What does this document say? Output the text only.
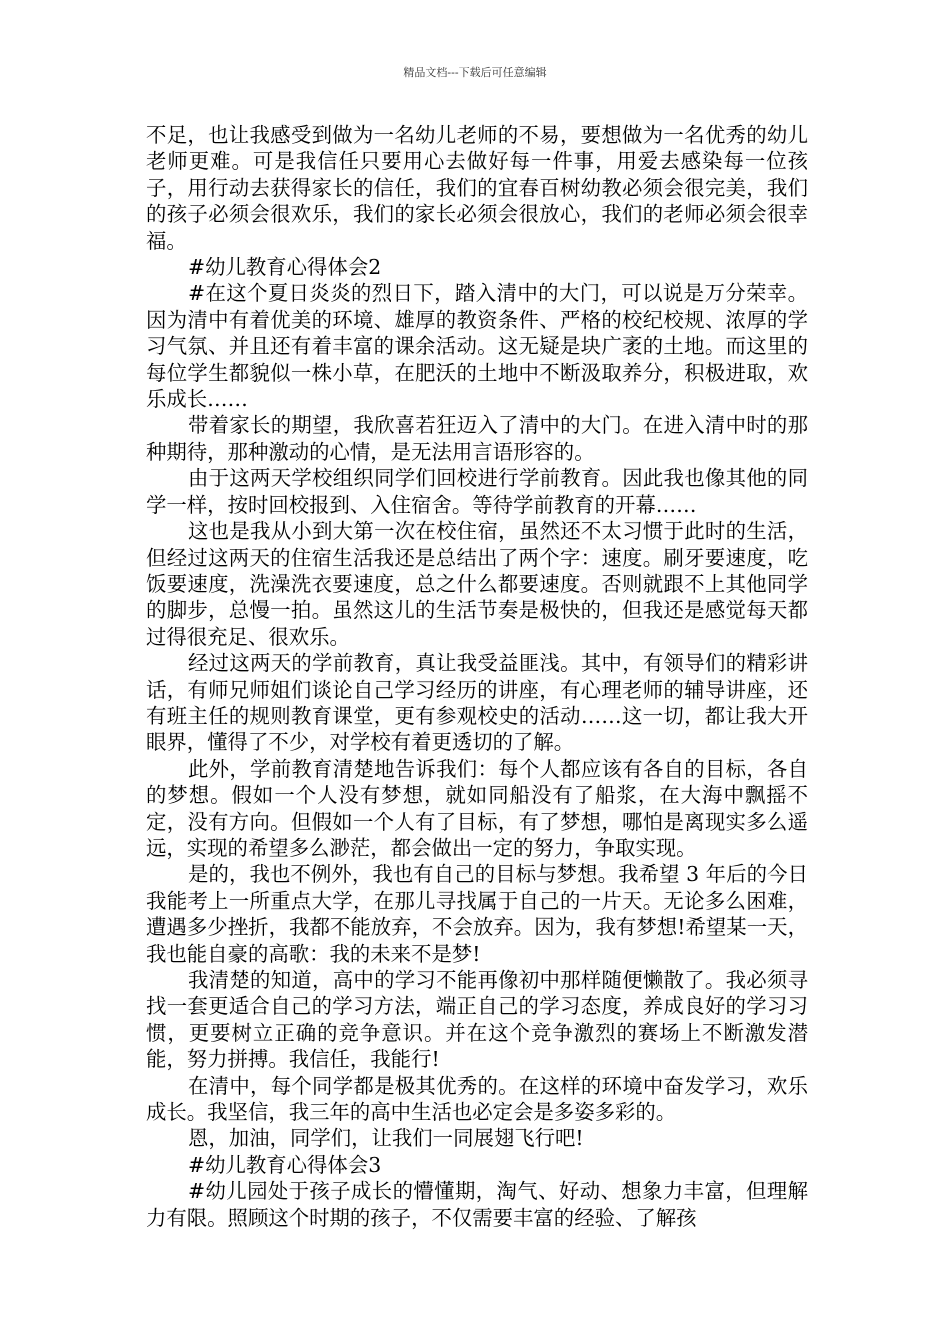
精品文档---下载后可任意编辑

不足，也让我感受到做为一名幼儿老师的不易，要想做为一名优秀的幼儿老师更难。可是我信任只要用心去做好每一件事，用爱去感染每一位孩子，用行动去获得家长的信任，我们的宜春百树幼教必须会很完美，我们的孩子必须会很欢乐，我们的家长必须会很放心，我们的老师必须会很幸福。

#幼儿教育心得体会2

#在这个夏日炎炎的烈日下，踏入清中的大门，可以说是万分荣幸。因为清中有着优美的环境、雄厚的教资条件、严格的校纪校规、浓厚的学习气氛、并且还有着丰富的课余活动。这无疑是块广袤的土地。而这里的每位学生都貌似一株小草，在肥沃的土地中不断汲取养分，积极进取，欢乐成长……

带着家长的期望，我欣喜若狂迈入了清中的大门。在进入清中时的那种期待，那种激动的心情，是无法用言语形容的。

由于这两天学校组织同学们回校进行学前教育。因此我也像其他的同学一样，按时回校报到、入住宿舍。等待学前教育的开幕……

这也是我从小到大第一次在校住宿，虽然还不太习惯于此时的生活，但经过这两天的住宿生活我还是总结出了两个字：速度。刷牙要速度，吃饭要速度，洗澡洗衣要速度，总之什么都要速度。否则就跟不上其他同学的脚步，总慢一拍。虽然这儿的生活节奏是极快的，但我还是感觉每天都过得很充足、很欢乐。

经过这两天的学前教育，真让我受益匪浅。其中，有领导们的精彩讲话，有师兄师姐们谈论自己学习经历的讲座，有心理老师的辅导讲座，还有班主任的规则教育课堂，更有参观校史的活动……这一切，都让我大开眼界，懂得了不少，对学校有着更透切的了解。

此外，学前教育清楚地告诉我们：每个人都应该有各自的目标，各自的梦想。假如一个人没有梦想，就如同船没有了船浆，在大海中飘摇不定，没有方向。但假如一个人有了目标，有了梦想，哪怕是离现实多么遥远，实现的希望多么渺茫，都会做出一定的努力，争取实现。

是的，我也不例外，我也有自己的目标与梦想。我希望 3 年后的今日我能考上一所重点大学，在那儿寻找属于自己的一片天。无论多么困难，遭遇多少挫折，我都不能放弃，不会放弃。因为，我有梦想!希望某一天，我也能自豪的高歌：我的未来不是梦!

我清楚的知道，高中的学习不能再像初中那样随便懒散了。我必须寻找一套更适合自己的学习方法，端正自己的学习态度，养成良好的学习习惯，更要树立正确的竞争意识。并在这个竞争激烈的赛场上不断激发潜能，努力拼搏。我信任，我能行!

在清中，每个同学都是极其优秀的。在这样的环境中奋发学习，欢乐成长。我坚信，我三年的高中生活也必定会是多姿多彩的。

恩，加油，同学们，让我们一同展翅飞行吧!

#幼儿教育心得体会3

#幼儿园处于孩子成长的懵懂期，淘气、好动、想象力丰富，但理解力有限。照顾这个时期的孩子，不仅需要丰富的经验、了解孩
